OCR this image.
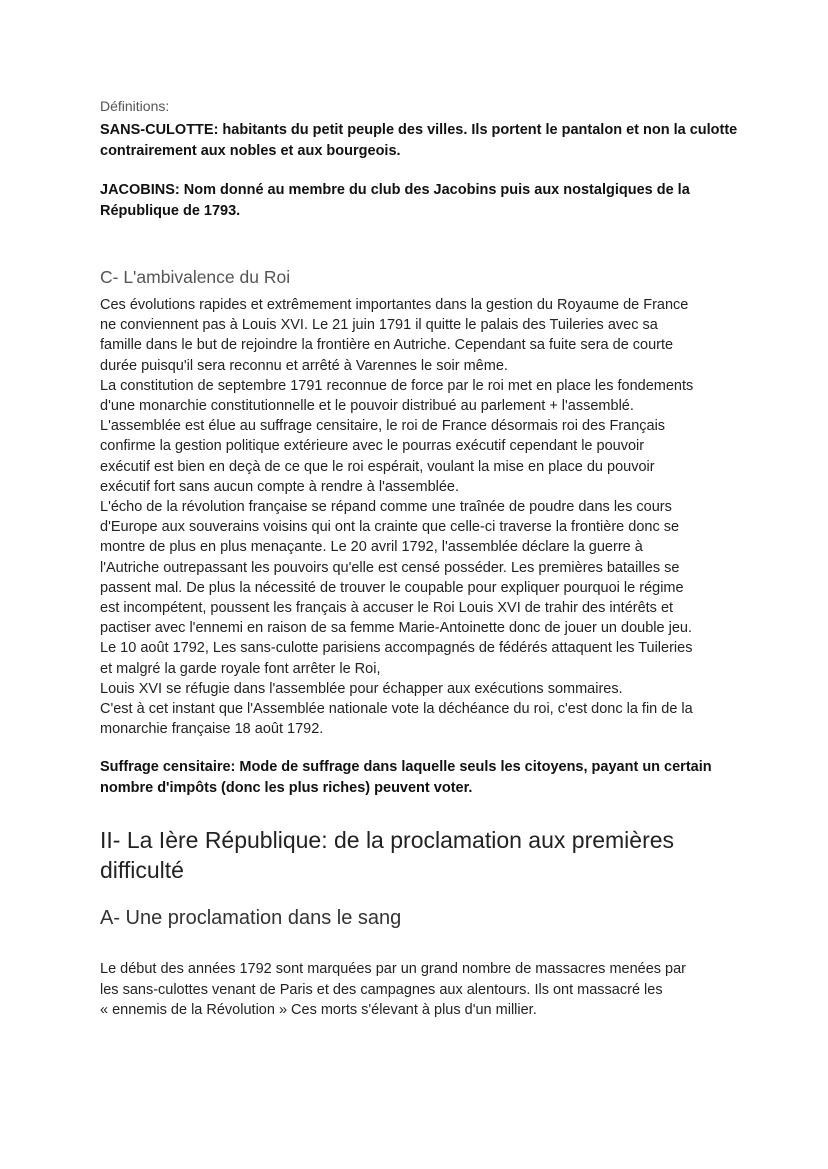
Définitions:

SANS-CULOTTE: habitants du petit peuple des villes. Ils portent le pantalon et non la culotte contrairement aux nobles et aux bourgeois.

JACOBINS: Nom donné au membre du club des Jacobins puis aux nostalgiques de la République de 1793.

C- L'ambivalence du Roi

Ces évolutions rapides et extrêmement importantes dans la gestion du Royaume de France

ne conviennent pas à Louis XVI. Le 21 juin 1791 il quitte le palais des Tuileries avec sa

famille dans le but de rejoindre la frontière en Autriche. Cependant sa fuite sera de courte

durée puisqu'il sera reconnu et arrêté à Varennes le soir même.

La constitution de septembre 1791 reconnue de force par le roi met en place les fondements

d'une monarchie constitutionnelle et le pouvoir distribué au parlement + l'assemblé.

L'assemblée est élue au suffrage censitaire, le roi de France désormais roi des Français

confirme la gestion politique extérieure avec le pourras exécutif cependant le pouvoir

exécutif est bien en deçà de ce que le roi espérait, voulant la mise en place du pouvoir

exécutif fort sans aucun compte à rendre à l'assemblée.

L'écho de la révolution française se répand comme une traînée de poudre dans les cours

d'Europe aux souverains voisins qui ont la crainte que celle-ci traverse la frontière donc se

montre de plus en plus menaçante. Le 20 avril 1792, l'assemblée déclare la guerre à

l'Autriche outrepassant les pouvoirs qu'elle est censé posséder. Les premières batailles se

passent mal. De plus la nécessité de trouver le coupable pour expliquer pourquoi le régime

est incompétent, poussent les français à accuser le Roi Louis XVI de trahir des intérêts et

pactiser avec l'ennemi en raison de sa femme Marie-Antoinette donc de jouer un double jeu.

Le 10 août 1792, Les sans-culotte parisiens accompagnés de fédérés attaquent les Tuileries

et malgré la garde royale font arrêter le Roi,

Louis XVI se réfugie dans l'assemblée pour échapper aux exécutions sommaires.

C'est à cet instant que l'Assemblée nationale vote la déchéance du roi, c'est donc la fin de la

monarchie française 18 août 1792.

Suffrage censitaire: Mode de suffrage dans laquelle seuls les citoyens, payant un certain nombre d'impôts (donc les plus riches) peuvent voter.

II- La Ière République: de la proclamation aux premières difficulté

A- Une proclamation dans le sang

Le début des années 1792 sont marquées par un grand nombre de massacres menées par

les sans-culottes venant de Paris et des campagnes aux alentours. Ils ont massacré les

« ennemis de la Révolution » Ces morts s'élevant à plus d'un millier.
